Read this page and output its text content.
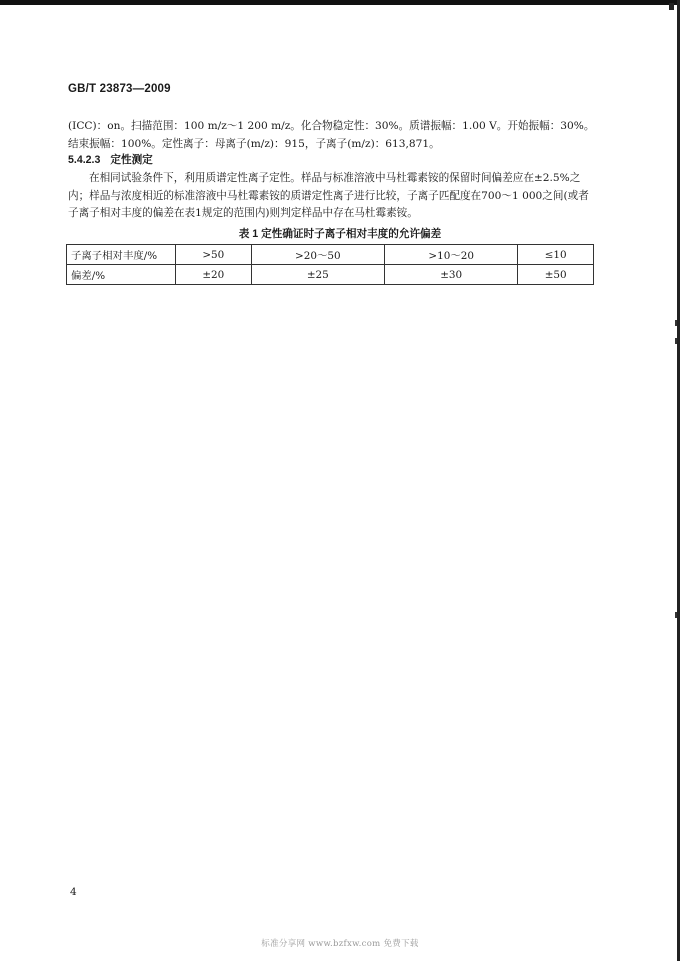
GB/T 23873—2009

(ICC)：on。扫描范围：100 m/z～1 200 m/z。化合物稳定性：30%。质谱振幅：1.00 V。开始振幅：30%。结束振幅：100%。定性离子：母离子(m/z)：915，子离子(m/z)：613,871。

5.4.2.3 定性测定

在相同试验条件下，利用质谱定性离子定性。样品与标准溶液中马杜霉素铵的保留时间偏差应在±2.5%之内；样品与浓度相近的标准溶液中马杜霉素铵的质谱定性离子进行比较，子离子匹配度在700～1 000之间(或者子离子相对丰度的偏差在表1规定的范围内)则判定样品中存在马杜霉素铵。

表 1 定性确证时子离子相对丰度的允许偏差
子离子相对丰度/%	>50	>20～50	>10～20	≤10
偏差/%	±20	±25	±30	±50
4
标准分享网 www.bzfxw.com 免费下载
